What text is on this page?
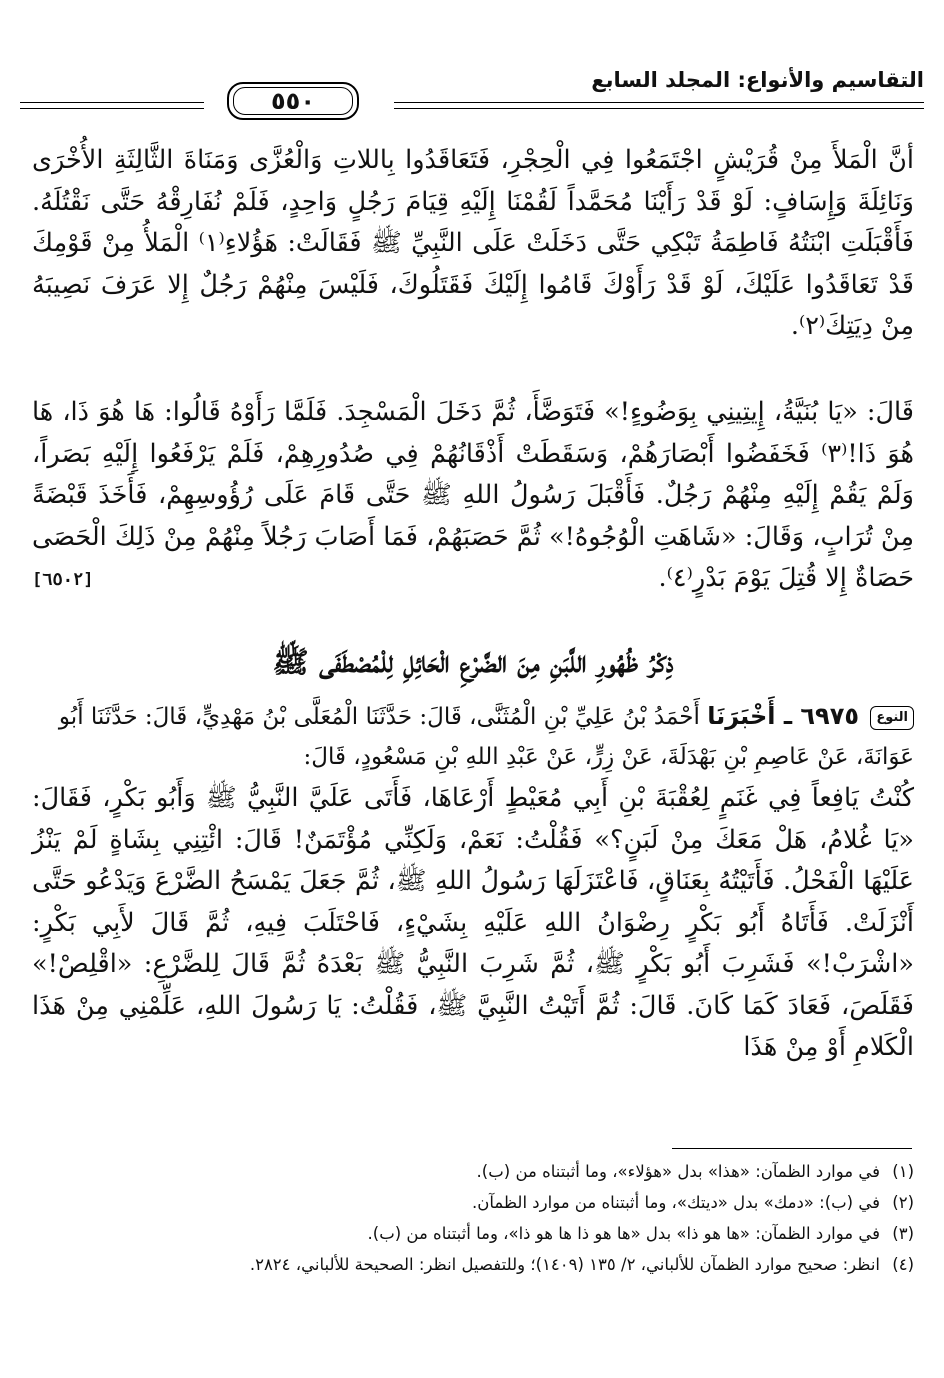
التقاسيم والأنواع: المجلد السابع
٥٥٠

أنَّ الْمَلأَ مِنْ قُرَيْشٍ اجْتَمَعُوا فِي الْحِجْرِ، فَتَعَاقَدُوا بِاللاتِ وَالْعُزَّى وَمَنَاةَ الثَّالِثَةِ الأُخْرَى وَنَائِلَةَ وَإِسَافٍ: لَوْ قَدْ رَأَيْنَا مُحَمَّداً لَقُمْنَا إِلَيْهِ قِيَامَ رَجُلٍ وَاحِدٍ، فَلَمْ نُفَارِقْهُ حَتَّى نَقْتُلَهُ. فَأَقْبَلَتِ ابْنَتُهُ فَاطِمَةُ تَبْكِي حَتَّى دَخَلَتْ عَلَى النَّبِيِّ ﷺ فَقَالَتْ: هَؤُلاءِ⁽١⁾ الْمَلأُ مِنْ قَوْمِكَ قَدْ تَعَاقَدُوا عَلَيْكَ، لَوْ قَدْ رَأَوْكَ قَامُوا إِلَيْكَ فَقَتَلُوكَ، فَلَيْسَ مِنْهُمْ رَجُلٌ إِلا عَرَفَ نَصِيبَهُ مِنْ دِيَتِكَ⁽٢⁾.

قَالَ: «يَا بُنَيَّةُ، إِيتِينِي بِوَضُوءٍ!» فَتَوَضَّأَ، ثُمَّ دَخَلَ الْمَسْجِدَ. فَلَمَّا رَأَوْهُ قَالُوا: هَا هُوَ ذَا، هَا هُوَ ذَا!⁽٣⁾ فَخَفَضُوا أَبْصَارَهُمْ، وَسَقَطَتْ أَذْقَانُهُمْ فِي صُدُورِهِمْ، فَلَمْ يَرْفَعُوا إِلَيْهِ بَصَراً، وَلَمْ يَقُمْ إِلَيْهِ مِنْهُمْ رَجُلٌ. فَأَقْبَلَ رَسُولُ اللهِ ﷺ حَتَّى قَامَ عَلَى رُؤُوسِهِمْ، فَأَخَذَ قَبْضَةً مِنْ تُرَابٍ، وَقَالَ: «شَاهَتِ الْوُجُوهُ!» ثُمَّ حَصَبَهُمْ، فَمَا أَصَابَ رَجُلاً مِنْهُمْ مِنْ ذَلِكَ الْحَصَى حَصَاةٌ إِلا قُتِلَ يَوْمَ بَدْرٍ⁽٤⁾.
[٦٥٠٢]

ذِكْرُ ظُهُورِ اللَّبَنِ مِنَ الضَّرْعِ الْحَائِلِ لِلْمُصْطَفَى ﷺ
النوع ٦٩٧٥ ـ أَخْبَرَنَا أَحْمَدُ بْنُ عَلِيِّ بْنِ الْمُثَنَّى، قَالَ: حَدَّثَنَا الْمُعَلَّى بْنُ مَهْدِيٍّ، قَالَ: حَدَّثَنَا أَبُو عَوَانَةَ، عَنْ عَاصِمِ بْنِ بَهْدَلَةَ، عَنْ زِرٍّ، عَنْ عَبْدِ اللهِ بْنِ مَسْعُودٍ، قَالَ:

كُنْتُ يَافِعاً فِي غَنَمٍ لِعُقْبَةَ بْنِ أَبِي مُعَيْطٍ أَرْعَاهَا، فَأَتَى عَلَيَّ النَّبِيُّ ﷺ وَأَبُو بَكْرٍ، فَقَالَ: «يَا غُلامُ، هَلْ مَعَكَ مِنْ لَبَنٍ؟» فَقُلْتُ: نَعَمْ، وَلَكِنِّي مُؤْتَمَنٌ! قَالَ: ائْتِنِي بِشَاةٍ لَمْ يَنْزُ عَلَيْهَا الْفَحْلُ. فَأَتَيْتُهُ بِعَنَاقٍ، فَاعْتَزَلَهَا رَسُولُ اللهِ ﷺ، ثُمَّ جَعَلَ يَمْسَحُ الضَّرْعَ وَيَدْعُو حَتَّى أَنْزَلَتْ. فَأَتَاهُ أَبُو بَكْرٍ رِضْوَانُ اللهِ عَلَيْهِ بِشَيْءٍ، فَاحْتَلَبَ فِيهِ، ثُمَّ قَالَ لأَبِي بَكْرٍ: «اشْرَبْ!» فَشَرِبَ أَبُو بَكْرٍ ﷺ، ثُمَّ شَرِبَ النَّبِيُّ ﷺ بَعْدَهُ ثُمَّ قَالَ لِلضَّرْعِ: «اقْلِصْ!» فَقَلَصَ، فَعَادَ كَمَا كَانَ. قَالَ: ثُمَّ أَتَيْتُ النَّبِيَّ ﷺ، فَقُلْتُ: يَا رَسُولَ اللهِ، عَلِّمْنِي مِنْ هَذَا الْكَلامِ أَوْ مِنْ هَذَا

(١)في موارد الظمآن: «هذا» بدل «هؤلاء»، وما أثبتناه من (ب).

(٢)في (ب): «دمك» بدل «ديتك»، وما أثبتناه من موارد الظمآن.

(٣)في موارد الظمآن: «ها هو ذا» بدل «ها هو ذا ها هو ذا»، وما أثبتناه من (ب).

(٤)انظر: صحيح موارد الظمآن للألباني، ٢/ ١٣٥ (١٤٠٩)؛ وللتفصيل انظر: الصحيحة للألباني، ٢٨٢٤.
